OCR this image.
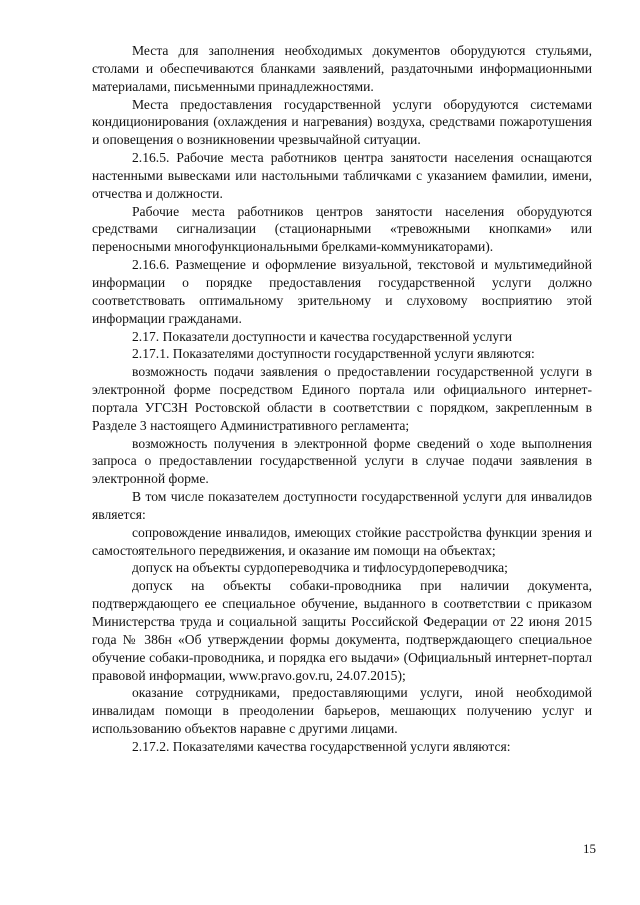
Места для заполнения необходимых документов оборудуются стульями, столами и обеспечиваются бланками заявлений, раздаточными информационными материалами, письменными принадлежностями.

Места предоставления государственной услуги оборудуются системами кондиционирования (охлаждения и нагревания) воздуха, средствами пожаротушения и оповещения о возникновении чрезвычайной ситуации.

2.16.5. Рабочие места работников центра занятости населения оснащаются настенными вывесками или настольными табличками с указанием фамилии, имени, отчества и должности.

Рабочие места работников центров занятости населения оборудуются средствами сигнализации (стационарными «тревожными кнопками» или переносными многофункциональными брелками-коммуникаторами).

2.16.6. Размещение и оформление визуальной, текстовой и мультимедийной информации о порядке предоставления государственной услуги должно соответствовать оптимальному зрительному и слуховому восприятию этой информации гражданами.

2.17. Показатели доступности и качества государственной услуги

2.17.1. Показателями доступности государственной услуги являются:

возможность подачи заявления о предоставлении государственной услуги в электронной форме посредством Единого портала или официального интернет-портала УГСЗН Ростовской области в соответствии с порядком, закрепленным в Разделе 3 настоящего Административного регламента;

возможность получения в электронной форме сведений о ходе выполнения запроса о предоставлении государственной услуги в случае подачи заявления в электронной форме.

В том числе показателем доступности государственной услуги для инвалидов является:

сопровождение инвалидов, имеющих стойкие расстройства функции зрения и самостоятельного передвижения, и оказание им помощи на объектах;

допуск на объекты сурдопереводчика и тифлосурдопереводчика;

допуск на объекты собаки-проводника при наличии документа, подтверждающего ее специальное обучение, выданного в соответствии с приказом Министерства труда и социальной защиты Российской Федерации от 22 июня 2015 года № 386н «Об утверждении формы документа, подтверждающего специальное обучение собаки-проводника, и порядка его выдачи» (Официальный интернет-портал правовой информации, www.pravo.gov.ru, 24.07.2015);

оказание сотрудниками, предоставляющими услуги, иной необходимой инвалидам помощи в преодолении барьеров, мешающих получению услуг и использованию объектов наравне с другими лицами.

2.17.2. Показателями качества государственной услуги являются:

15
